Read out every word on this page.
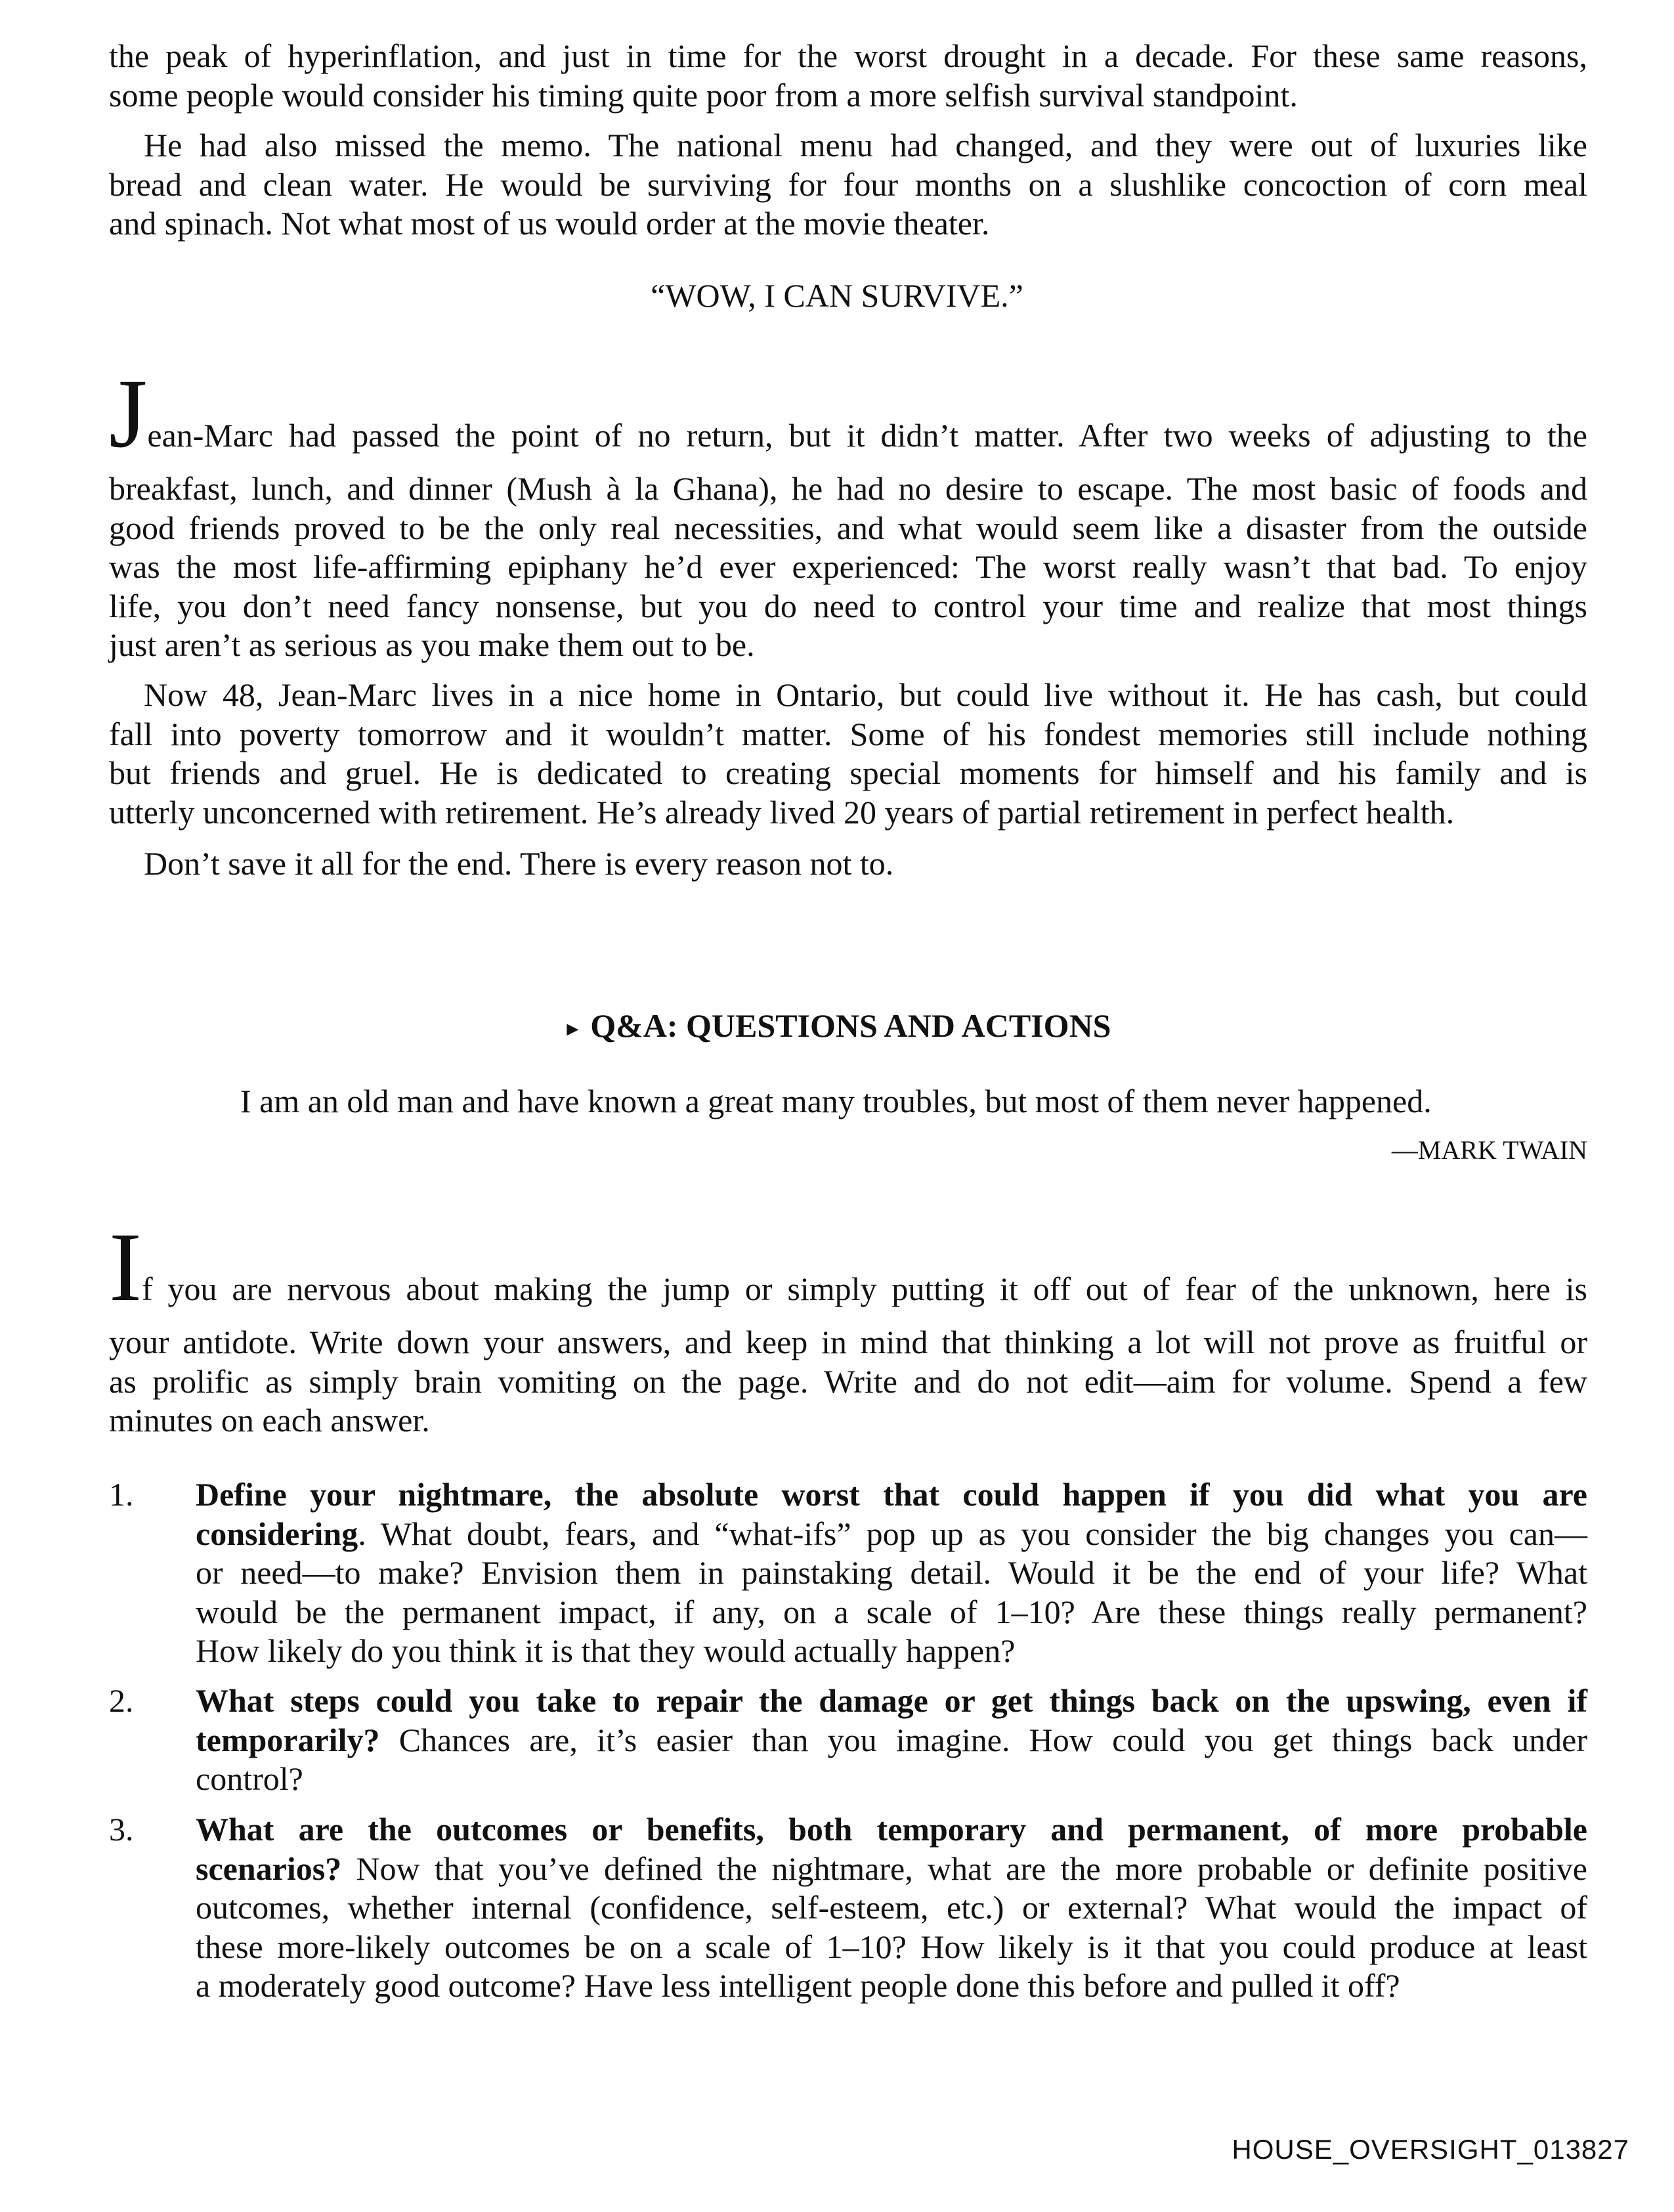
the peak of hyperinflation, and just in time for the worst drought in a decade. For these same reasons,
some people would consider his timing quite poor from a more selfish survival standpoint.
He had also missed the memo. The national menu had changed, and they were out of luxuries like
bread and clean water. He would be surviving for four months on a slushlike concoction of corn meal
and spinach. Not what most of us would order at the movie theater.
“WOW, I CAN SURVIVE.”
Jean-Marc had passed the point of no return, but it didn’t matter. After two weeks of adjusting to the
breakfast, lunch, and dinner (Mush à la Ghana), he had no desire to escape. The most basic of foods and
good friends proved to be the only real necessities, and what would seem like a disaster from the outside
was the most life-affirming epiphany he’d ever experienced: The worst really wasn’t that bad. To enjoy
life, you don’t need fancy nonsense, but you do need to control your time and realize that most things
just aren’t as serious as you make them out to be.
Now 48, Jean-Marc lives in a nice home in Ontario, but could live without it. He has cash, but could
fall into poverty tomorrow and it wouldn’t matter. Some of his fondest memories still include nothing
but friends and gruel. He is dedicated to creating special moments for himself and his family and is
utterly unconcerned with retirement. He’s already lived 20 years of partial retirement in perfect health.
Don’t save it all for the end. There is every reason not to.
► Q&A: QUESTIONS AND ACTIONS
I am an old man and have known a great many troubles, but most of them never happened.
—MARK TWAIN
If you are nervous about making the jump or simply putting it off out of fear of the unknown, here is
your antidote. Write down your answers, and keep in mind that thinking a lot will not prove as fruitful or
as prolific as simply brain vomiting on the page. Write and do not edit—aim for volume. Spend a few
minutes on each answer.
1. Define your nightmare, the absolute worst that could happen if you did what you are
considering. What doubt, fears, and “what-ifs” pop up as you consider the big changes you can—
or need—to make? Envision them in painstaking detail. Would it be the end of your life? What
would be the permanent impact, if any, on a scale of 1–10? Are these things really permanent?
How likely do you think it is that they would actually happen?
2. What steps could you take to repair the damage or get things back on the upswing, even if
temporarily? Chances are, it’s easier than you imagine. How could you get things back under
control?
3. What are the outcomes or benefits, both temporary and permanent, of more probable
scenarios? Now that you’ve defined the nightmare, what are the more probable or definite positive
outcomes, whether internal (confidence, self-esteem, etc.) or external? What would the impact of
these more-likely outcomes be on a scale of 1–10? How likely is it that you could produce at least
a moderately good outcome? Have less intelligent people done this before and pulled it off?
HOUSE_OVERSIGHT_013827
